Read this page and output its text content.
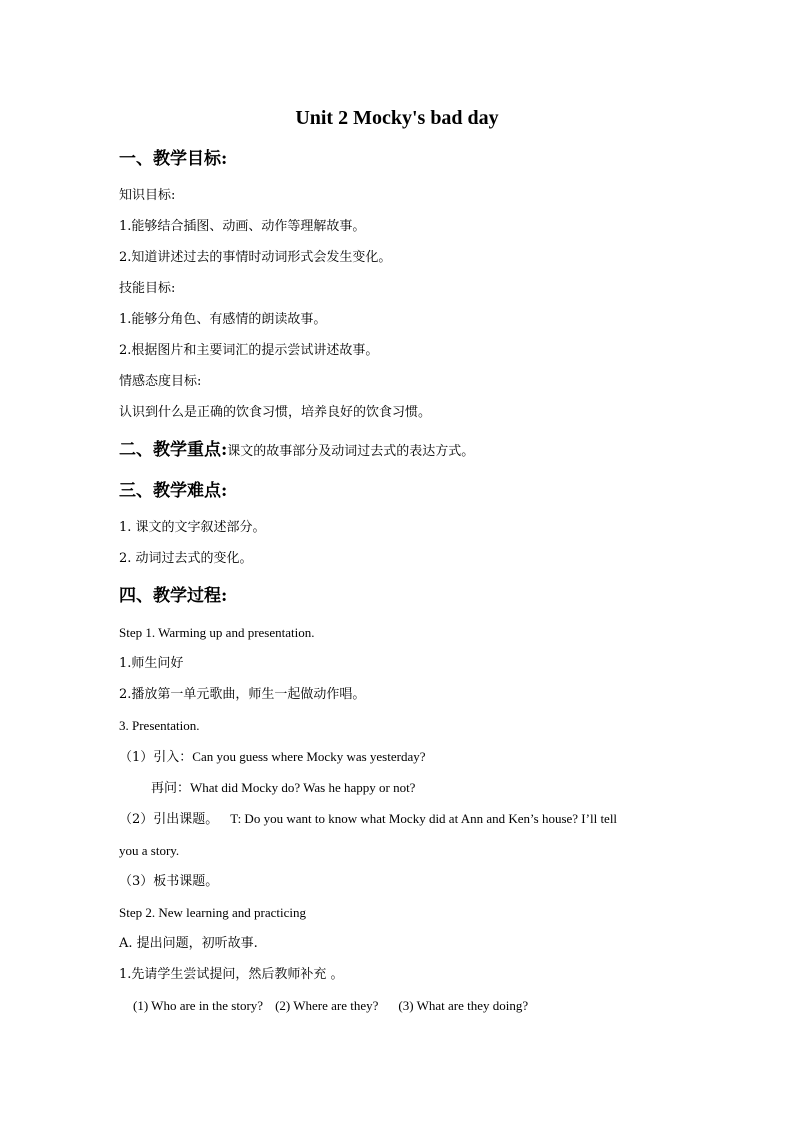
Unit 2 Mocky's bad day
一、教学目标:
知识目标:
1.能够结合插图、动画、动作等理解故事。
2.知道讲述过去的事情时动词形式会发生变化。
技能目标:
1.能够分角色、有感情的朗读故事。
2.根据图片和主要词汇的提示尝试讲述故事。
情感态度目标:
认识到什么是正确的饮食习惯，培养良好的饮食习惯。
二、教学重点:课文的故事部分及动词过去式的表达方式。
三、教学难点:
1. 课文的文字叙述部分。
2. 动词过去式的变化。
四、教学过程:
Step 1. Warming up and presentation.
1.师生问好
2.播放第一单元歌曲，师生一起做动作唱。
3. Presentation.
（1）引入：Can you guess where Mocky was yesterday?
再问：What did Mocky do? Was he happy or not?
（2）引出课题。 T: Do you want to know what Mocky did at Ann and Ken’s house? I’ll tell
you a story.
（3）板书课题。
Step 2. New learning and practicing
A. 提出问题，初听故事.
1.先请学生尝试提问，然后教师补充 。
(1) Who are in the story? (2) Where are they? (3) What are they doing?
